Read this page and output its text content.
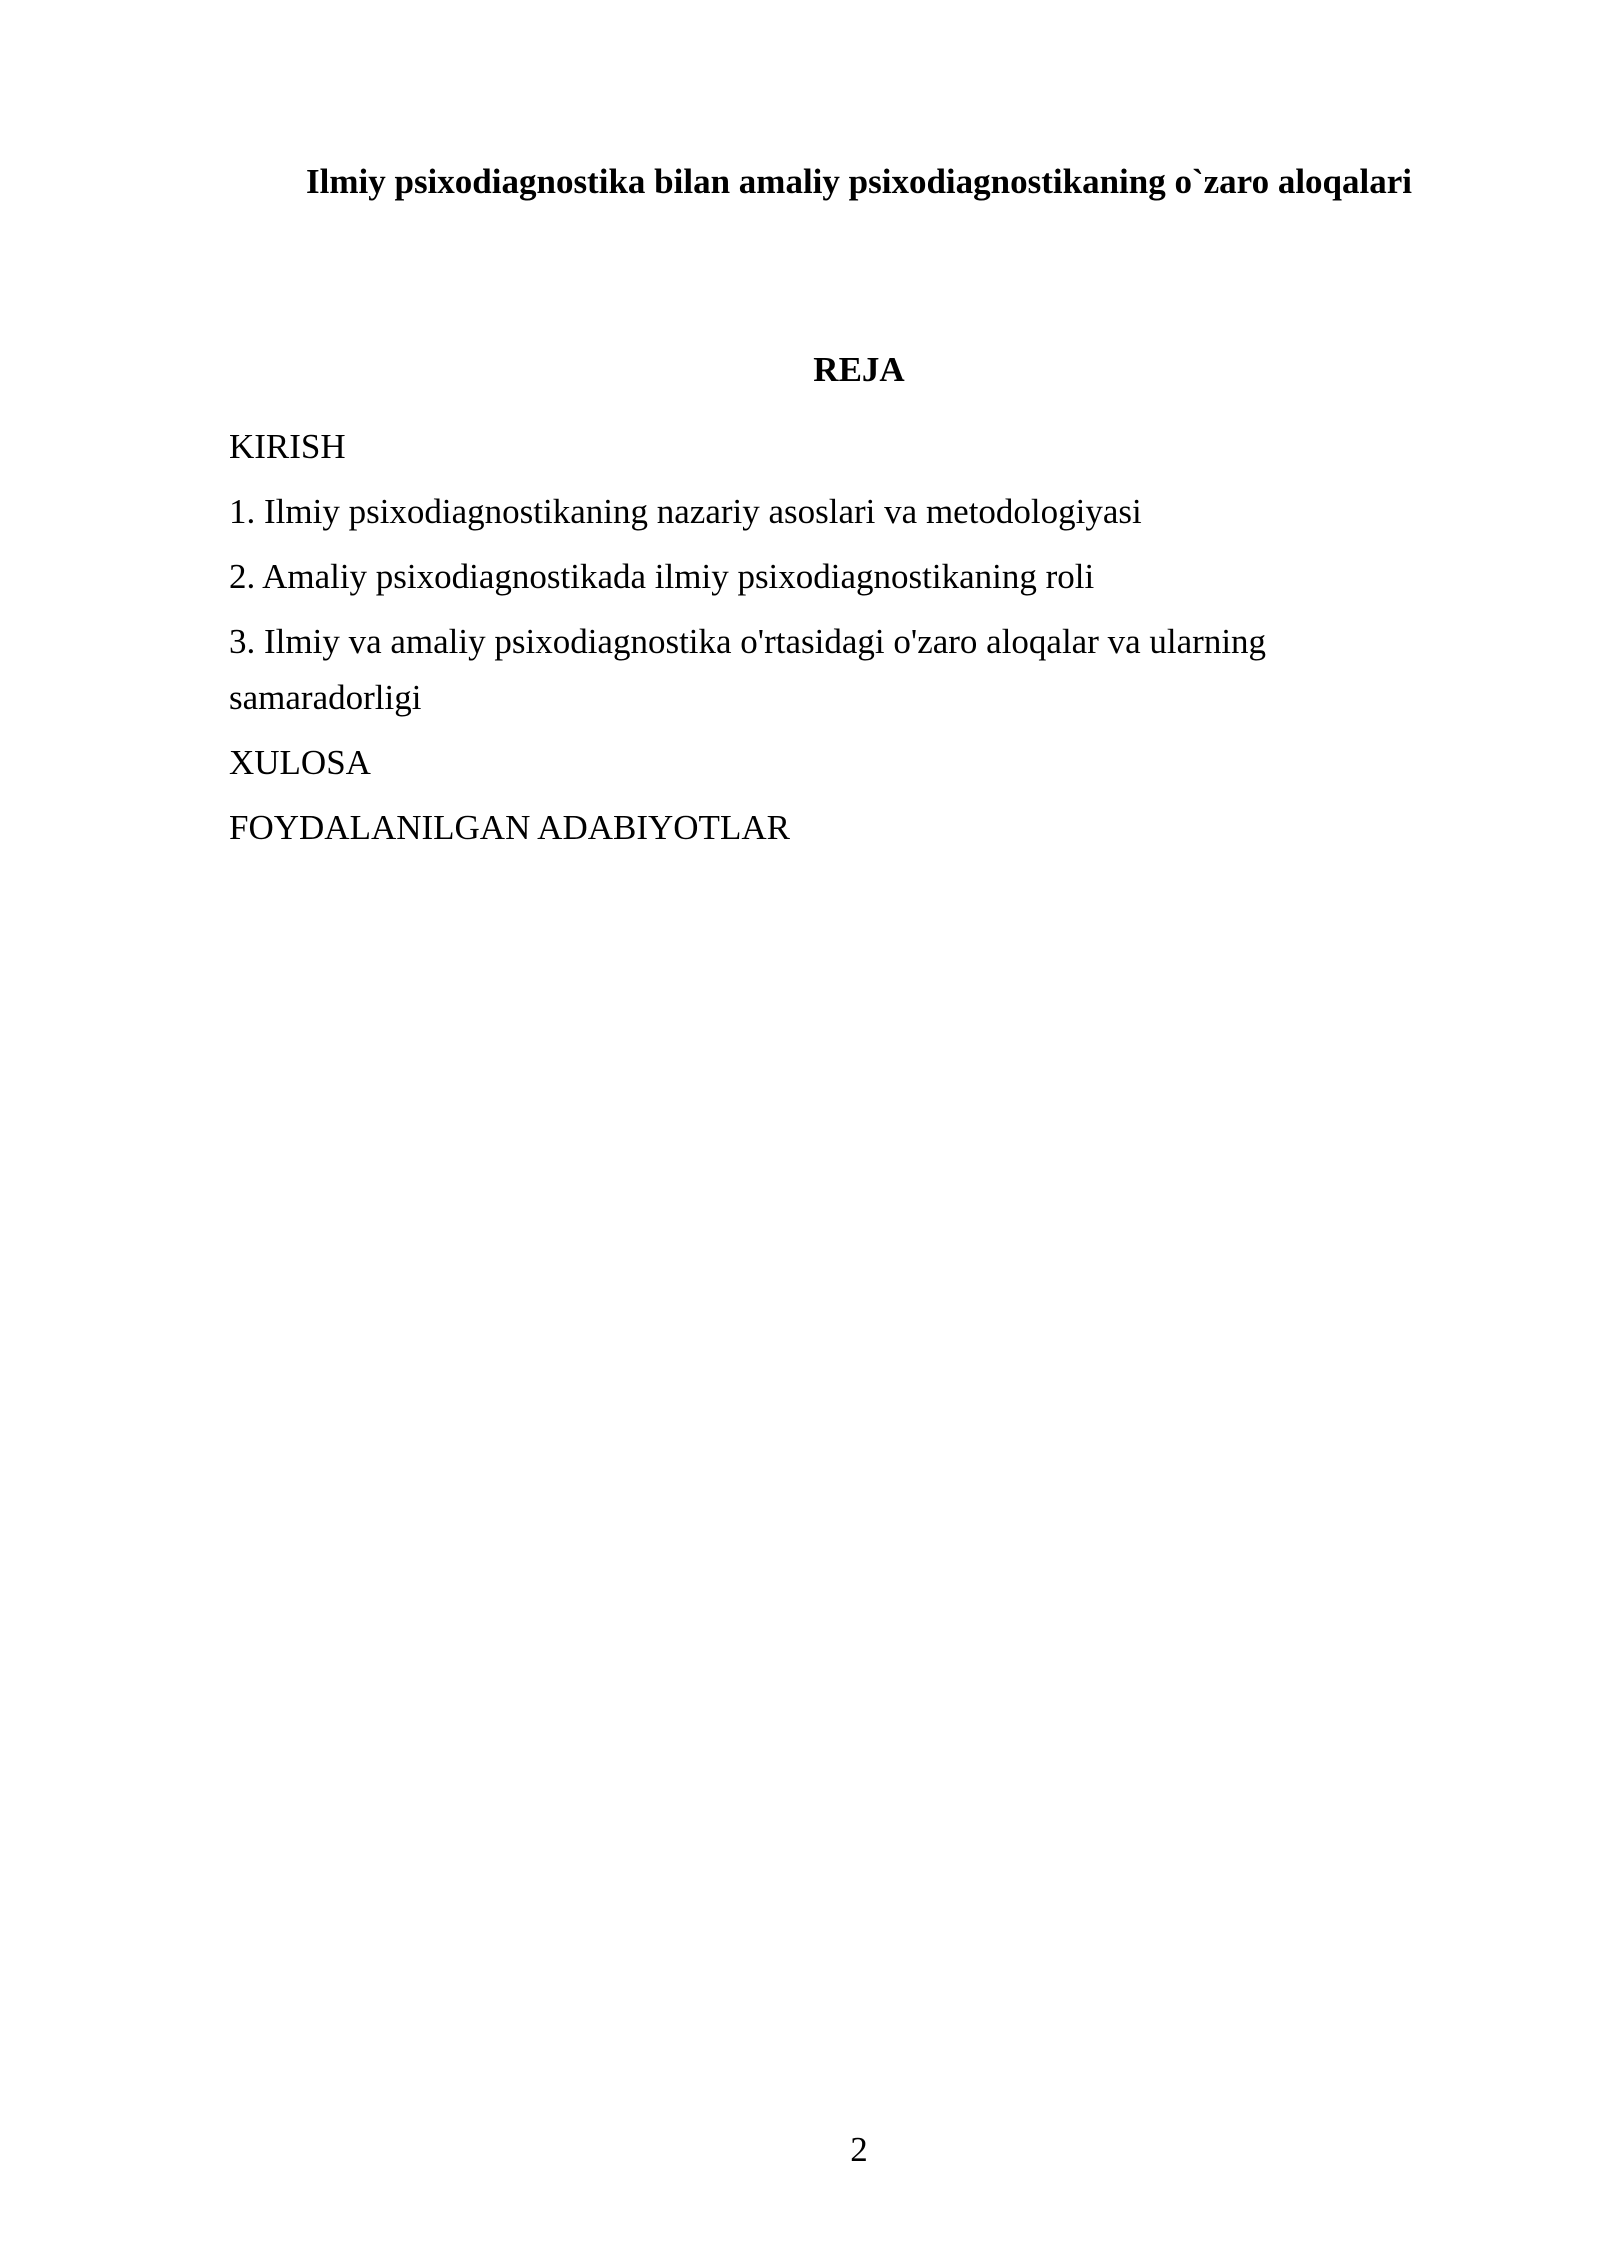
Ilmiy psixodiagnostika bilan amaliy psixodiagnostikaning o`zaro aloqalari
REJA
KIRISH
1. Ilmiy psixodiagnostikaning nazariy asoslari va metodologiyasi
2. Amaliy psixodiagnostikada ilmiy psixodiagnostikaning roli
3. Ilmiy va amaliy psixodiagnostika o'rtasidagi o'zaro aloqalar va ularning samaradorligi
XULOSA
FOYDALANILGAN ADABIYOTLAR
2
